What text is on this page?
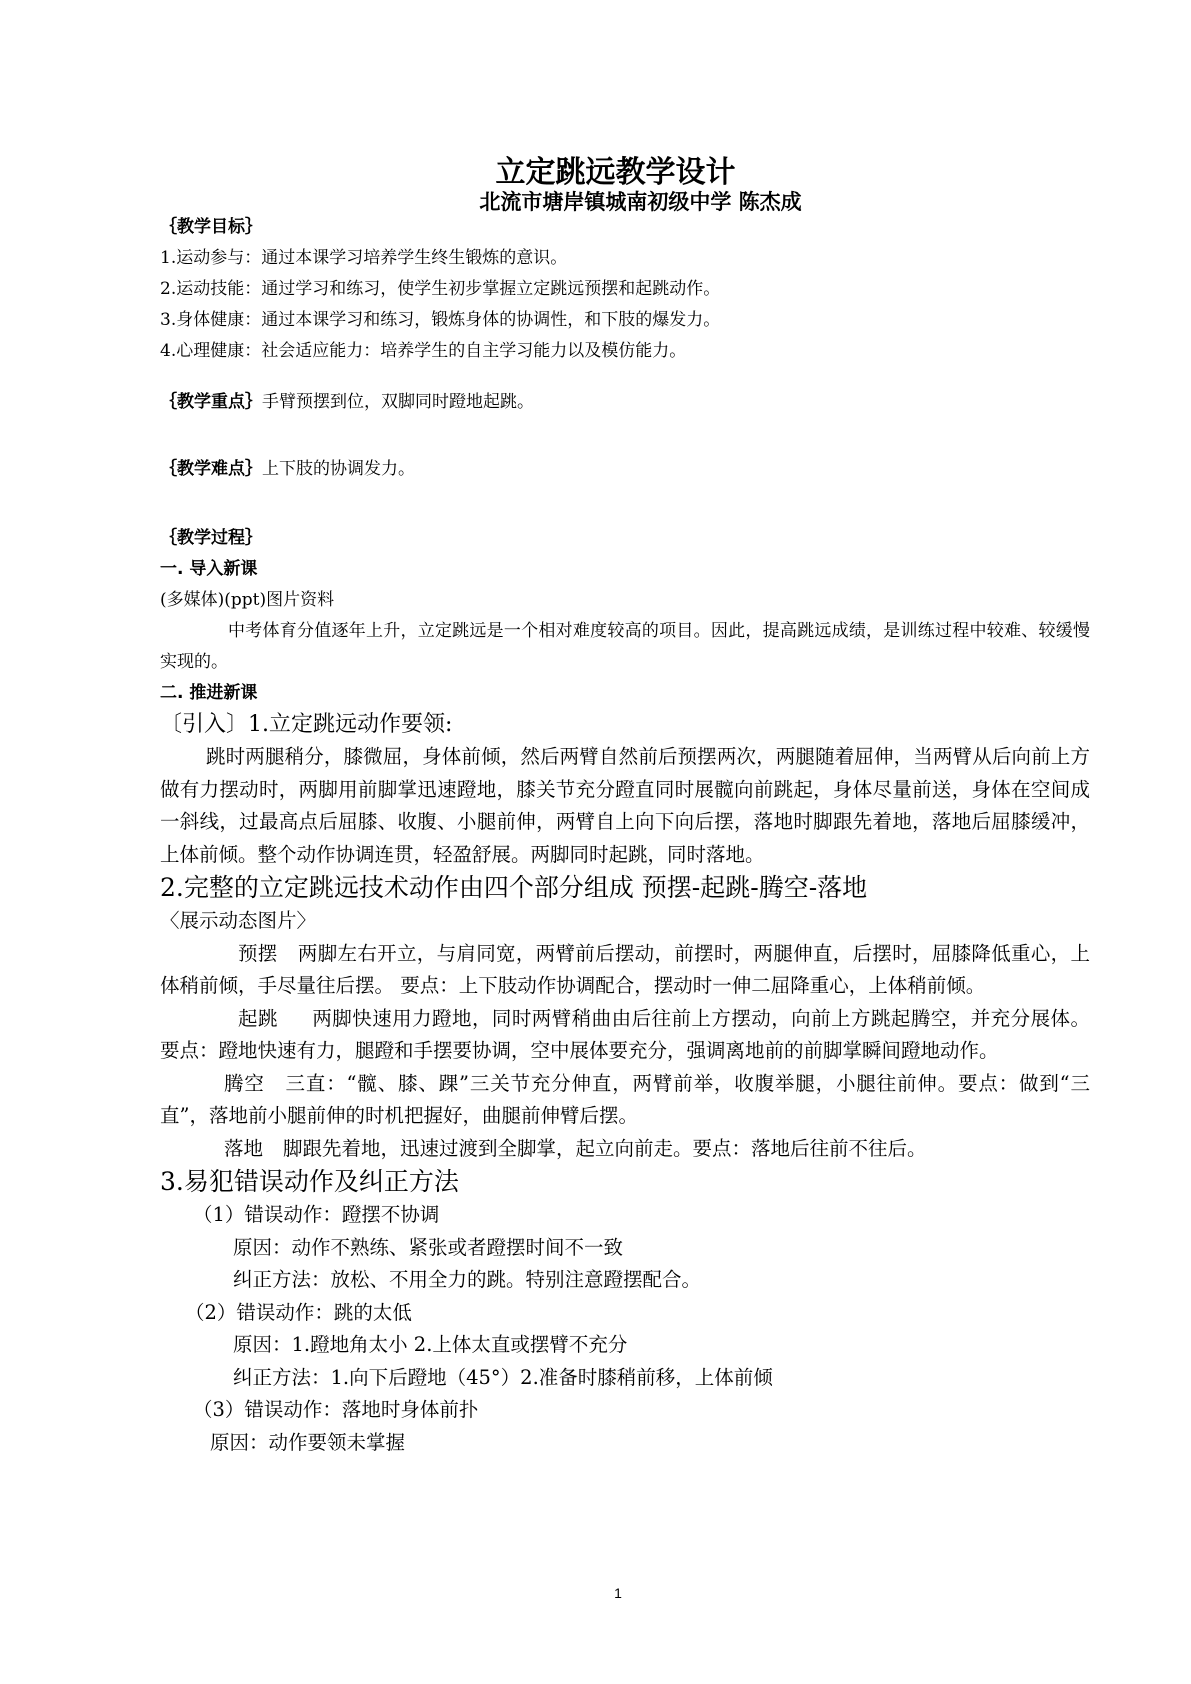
立定跳远教学设计
北流市塘岸镇城南初级中学 陈杰成
｛教学目标｝
1.运动参与：通过本课学习培养学生终生锻炼的意识。
2.运动技能：通过学习和练习，使学生初步掌握立定跳远预摆和起跳动作。
3.身体健康：通过本课学习和练习，锻炼身体的协调性，和下肢的爆发力。
4.心理健康：社会适应能力：培养学生的自主学习能力以及模仿能力。
｛教学重点｝手臂预摆到位，双脚同时蹬地起跳。
｛教学难点｝上下肢的协调发力。
｛教学过程｝
一. 导入新课
(多媒体)(ppt)图片资料
中考体育分值逐年上升，立定跳远是一个相对难度较高的项目。因此，提高跳远成绩，是训练过程中较难、较缓慢实现的。
二. 推进新课
〔引入〕1.立定跳远动作要领:
跳时两腿稍分，膝微屈，身体前倾，然后两臂自然前后预摆两次，两腿随着屈伸，当两臂从后向前上方做有力摆动时，两脚用前脚掌迅速蹬地，膝关节充分蹬直同时展髋向前跳起，身体尽量前送，身体在空间成一斜线，过最高点后屈膝、收腹、小腿前伸，两臂自上向下向后摆，落地时脚跟先着地，落地后屈膝缓冲，上体前倾。整个动作协调连贯，轻盈舒展。两脚同时起跳，同时落地。
2.完整的立定跳远技术动作由四个部分组成 预摆-起跳-腾空-落地
〈展示动态图片〉
预摆 两脚左右开立，与肩同宽，两臂前后摆动，前摆时，两腿伸直，后摆时，屈膝降低重心，上体稍前倾，手尽量往后摆。 要点：上下肢动作协调配合，摆动时一伸二屈降重心，上体稍前倾。
起跳 两脚快速用力蹬地，同时两臂稍曲由后往前上方摆动，向前上方跳起腾空，并充分展体。要点：蹬地快速有力，腿蹬和手摆要协调，空中展体要充分，强调离地前的前脚掌瞬间蹬地动作。
腾空 三直：“髋、膝、踝”三关节充分伸直，两臂前举，收腹举腿，小腿往前伸。要点：做到“三直”，落地前小腿前伸的时机把握好，曲腿前伸臂后摆。
落地 脚跟先着地，迅速过渡到全脚掌，起立向前走。要点：落地后往前不往后。
3.易犯错误动作及纠正方法
（1）错误动作：蹬摆不协调
原因：动作不熟练、紧张或者蹬摆时间不一致
纠正方法：放松、不用全力的跳。特别注意蹬摆配合。
（2）错误动作：跳的太低
原因：1.蹬地角太小 2.上体太直或摆臂不充分
纠正方法：1.向下后蹬地（45°）2.准备时膝稍前移，上体前倾
（3）错误动作：落地时身体前扑
原因：动作要领未掌握
1
